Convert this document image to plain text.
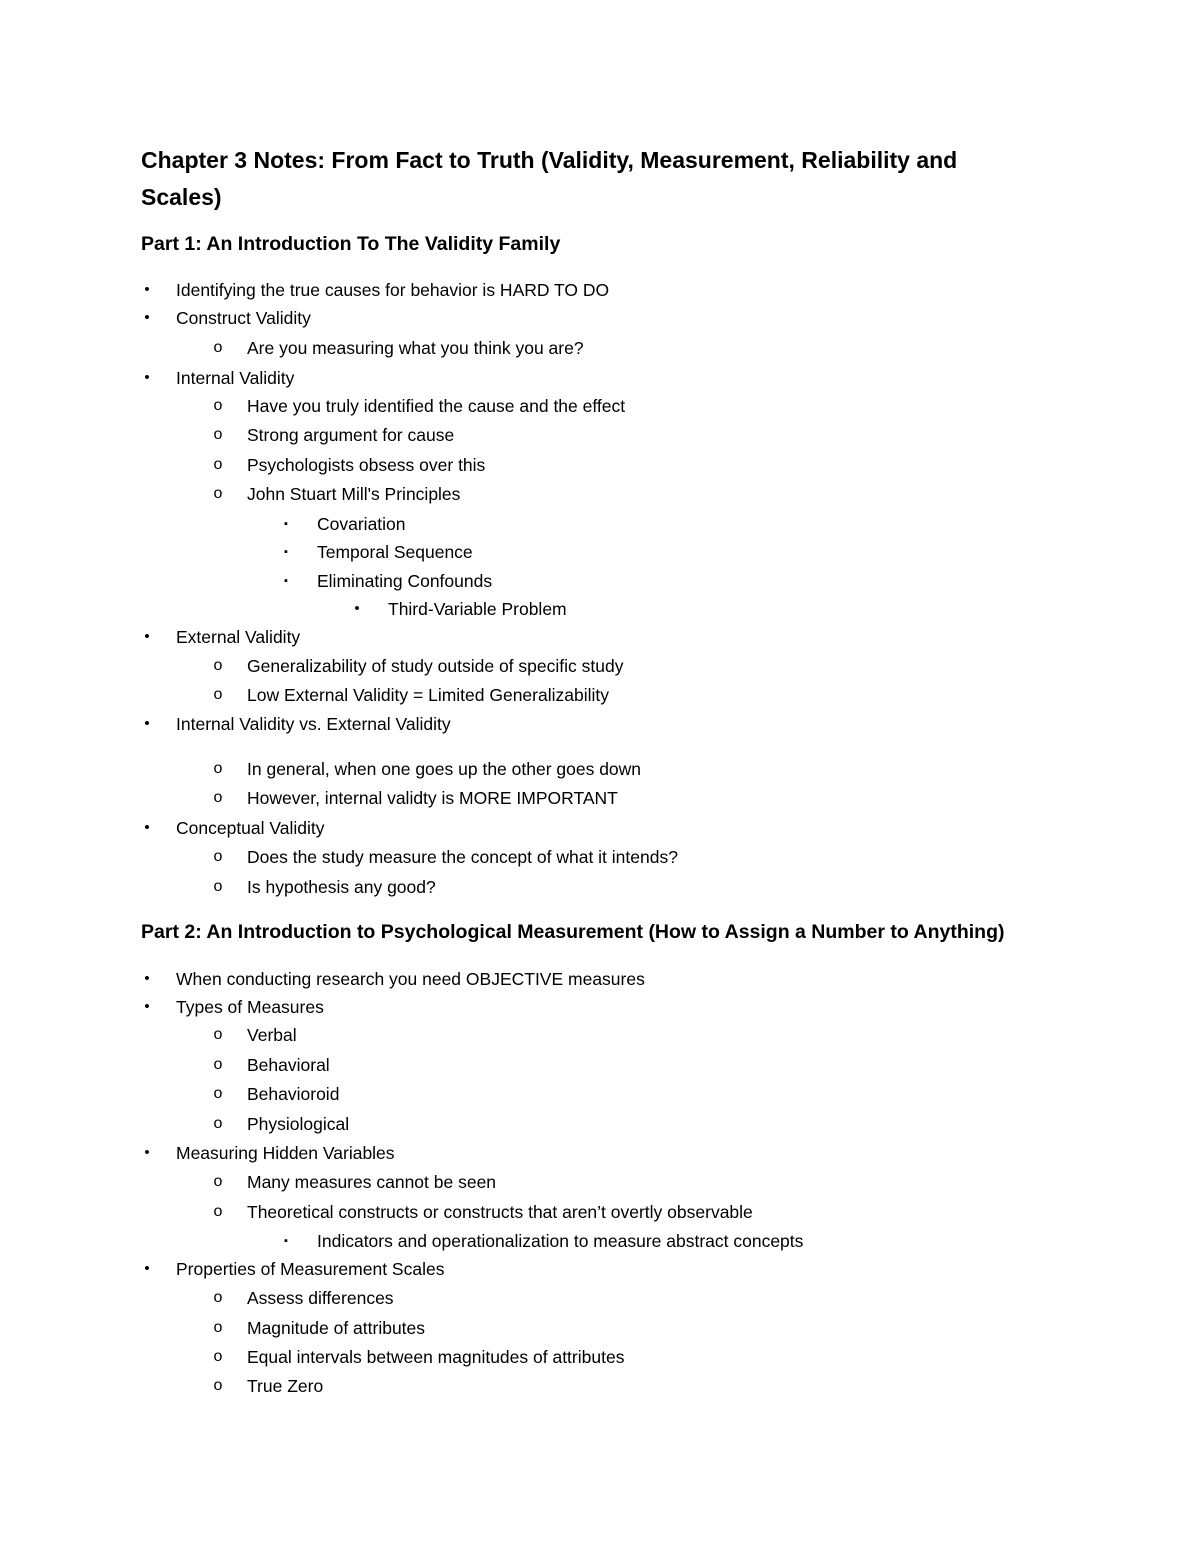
Chapter 3 Notes: From Fact to Truth (Validity, Measurement, Reliability and Scales)
Part 1: An Introduction To The Validity Family
•	Identifying the true causes for behavior is HARD TO DO
•	Construct Validity
o Are you measuring what you think you are?
•	Internal Validity
o Have you truly identified the cause and the effect
o Strong argument for cause
o Psychologists obsess over this
o John Stuart Mill's Principles
▪	Covariation
▪	Temporal Sequence
▪	Eliminating Confounds
•	Third-Variable Problem
•	External Validity
o Generalizability of study outside of specific study
o Low External Validity = Limited Generalizability
•	Internal Validity vs. External Validity
o In general, when one goes up the other goes down
o However, internal validty is MORE IMPORTANT
•	Conceptual Validity
o Does the study measure the concept of what it intends?
o Is hypothesis any good?
Part 2: An Introduction to Psychological Measurement (How to Assign a Number to Anything)
•	When conducting research you need OBJECTIVE measures
•	Types of Measures
o Verbal
o Behavioral
o Behavioroid
o Physiological
•	Measuring Hidden Variables
o Many measures cannot be seen
o Theoretical constructs or constructs that aren’t overtly observable
▪	Indicators and operationalization to measure abstract concepts
•	Properties of Measurement Scales
o Assess differences
o Magnitude of attributes
o Equal intervals between magnitudes of attributes
o True Zero
